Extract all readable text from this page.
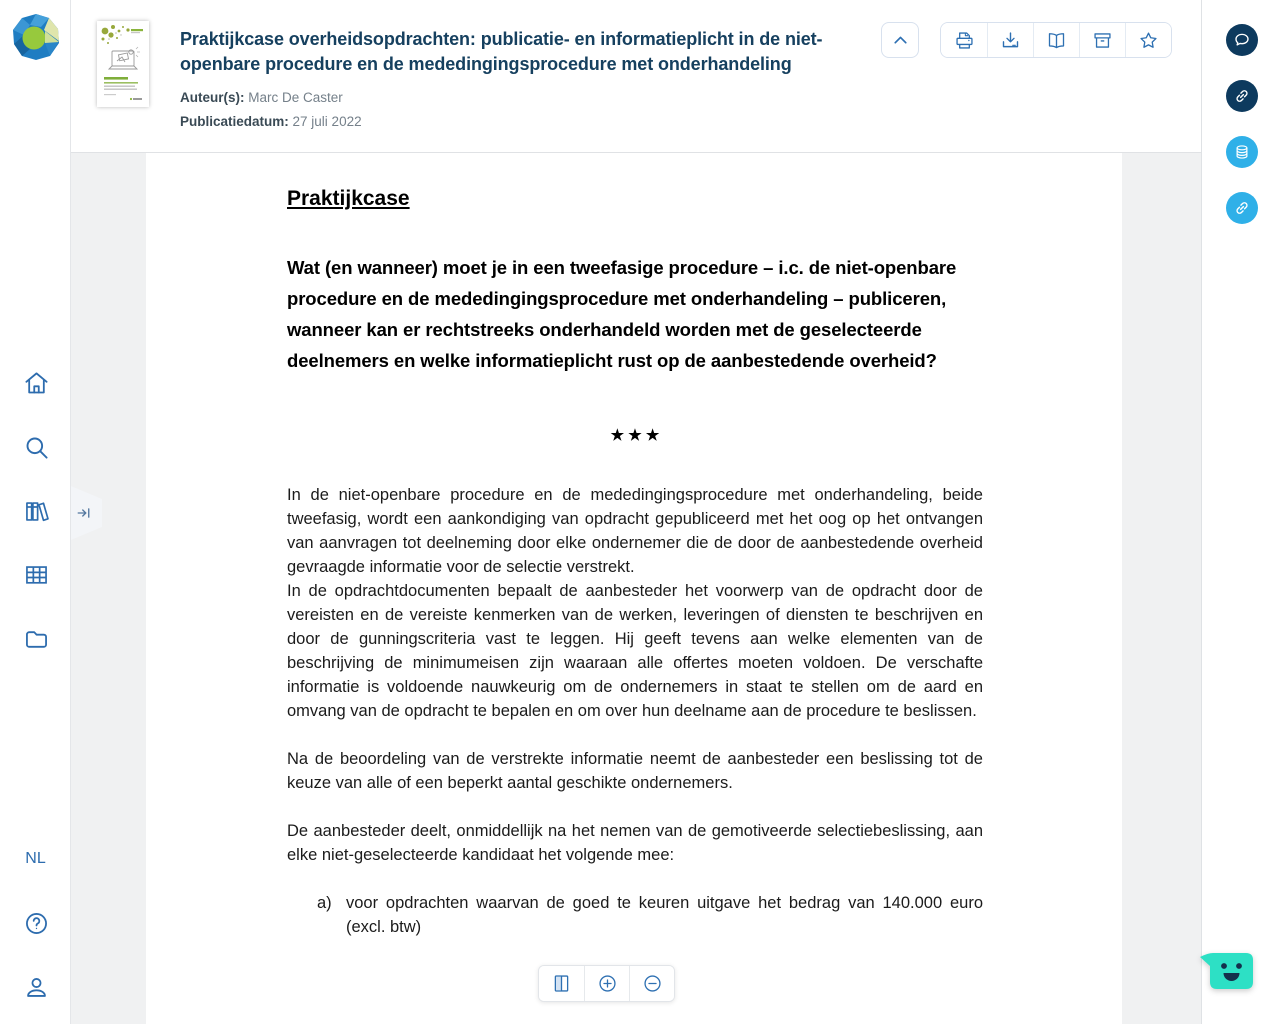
NL
Praktijkcase overheidsopdrachten: publicatie- en informatieplicht in de niet-openbare procedure en de mededingingsprocedure met onderhandeling
Auteur(s): Marc De Caster
Publicatiedatum: 27 juli 2022
Praktijkcase
Wat (en wanneer) moet je in een tweefasige procedure – i.c. de niet-openbare procedure en de mededingingsprocedure met onderhandeling – publiceren, wanneer kan er rechtstreeks onderhandeld worden met de geselecteerde deelnemers en welke informatieplicht rust op de aanbestedende overheid?
★ ★ ★

In de niet-openbare procedure en de mededingingsprocedure met onderhandeling, beide tweefasig, wordt een aankondiging van opdracht gepubliceerd met het oog op het ontvangen van aanvragen tot deelneming door elke ondernemer die de door de aanbestedende overheid gevraagde informatie voor de selectie verstrekt.

In de opdrachtdocumenten bepaalt de aanbesteder het voorwerp van de opdracht door de vereisten en de vereiste kenmerken van de werken, leveringen of diensten te beschrijven en door de gunningscriteria vast te leggen. Hij geeft tevens aan welke elementen van de beschrijving de minimumeisen zijn waaraan alle offertes moeten voldoen. De verschafte informatie is voldoende nauwkeurig om de ondernemers in staat te stellen om de aard en omvang van de opdracht te bepalen en om over hun deelname aan de procedure te beslissen.

Na de beoordeling van de verstrekte informatie neemt de aanbesteder een beslissing tot de keuze van alle of een beperkt aantal geschikte ondernemers.

De aanbesteder deelt, onmiddellijk na het nemen van de gemotiveerde selectiebeslissing, aan elke niet-geselecteerde kandidaat het volgende mee:

a) voor opdrachten waarvan de goed te keuren uitgave het bedrag van 140.000 euro (excl. btw)
